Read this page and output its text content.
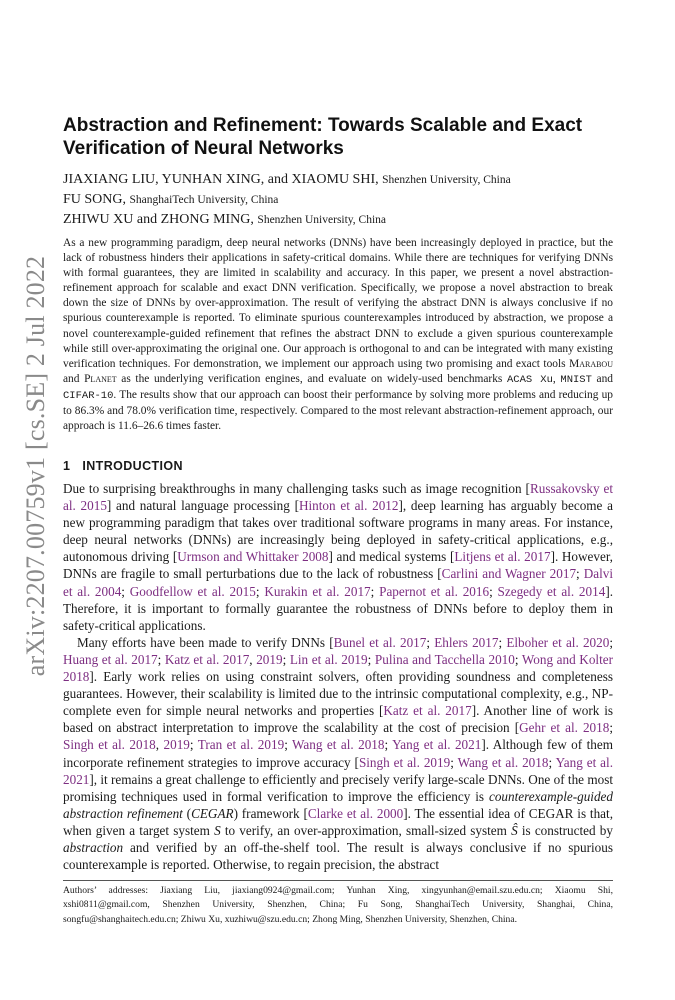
arXiv:2207.00759v1 [cs.SE] 2 Jul 2022
Abstraction and Refinement: Towards Scalable and Exact Verification of Neural Networks
JIAXIANG LIU, YUNHAN XING, and XIAOMU SHI, Shenzhen University, China
FU SONG, ShanghaiTech University, China
ZHIWU XU and ZHONG MING, Shenzhen University, China

As a new programming paradigm, deep neural networks (DNNs) have been increasingly deployed in practice, but the lack of robustness hinders their applications in safety-critical domains. While there are techniques for verifying DNNs with formal guarantees, they are limited in scalability and accuracy. In this paper, we present a novel abstraction-refinement approach for scalable and exact DNN verification. Specifically, we propose a novel abstraction to break down the size of DNNs by over-approximation. The result of verifying the abstract DNN is always conclusive if no spurious counterexample is reported. To eliminate spurious counterexamples introduced by abstraction, we propose a novel counterexample-guided refinement that refines the abstract DNN to exclude a given spurious counterexample while still over-approximating the original one. Our approach is orthogonal to and can be integrated with many existing verification techniques. For demonstration, we implement our approach using two promising and exact tools Marabou and Planet as the underlying verification engines, and evaluate on widely-used benchmarks ACAS Xu, MNIST and CIFAR-10. The results show that our approach can boost their performance by solving more problems and reducing up to 86.3% and 78.0% verification time, respectively. Compared to the most relevant abstraction-refinement approach, our approach is 11.6–26.6 times faster.

1 INTRODUCTION

Due to surprising breakthroughs in many challenging tasks such as image recognition [Russakovsky et al. 2015] and natural language processing [Hinton et al. 2012], deep learning has arguably become a new programming paradigm that takes over traditional software programs in many areas. For instance, deep neural networks (DNNs) are increasingly being deployed in safety-critical applications, e.g., autonomous driving [Urmson and Whittaker 2008] and medical systems [Litjens et al. 2017]. However, DNNs are fragile to small perturbations due to the lack of robustness [Carlini and Wagner 2017; Dalvi et al. 2004; Goodfellow et al. 2015; Kurakin et al. 2017; Papernot et al. 2016; Szegedy et al. 2014]. Therefore, it is important to formally guarantee the robustness of DNNs before to deploy them in safety-critical applications.

Many efforts have been made to verify DNNs [Bunel et al. 2017; Ehlers 2017; Elboher et al. 2020; Huang et al. 2017; Katz et al. 2017, 2019; Lin et al. 2019; Pulina and Tacchella 2010; Wong and Kolter 2018]. Early work relies on using constraint solvers, often providing soundness and completeness guarantees. However, their scalability is limited due to the intrinsic computational complexity, e.g., NP-complete even for simple neural networks and properties [Katz et al. 2017]. Another line of work is based on abstract interpretation to improve the scalability at the cost of precision [Gehr et al. 2018; Singh et al. 2018, 2019; Tran et al. 2019; Wang et al. 2018; Yang et al. 2021]. Although few of them incorporate refinement strategies to improve accuracy [Singh et al. 2019; Wang et al. 2018; Yang et al. 2021], it remains a great challenge to efficiently and precisely verify large-scale DNNs. One of the most promising techniques used in formal verification to improve the efficiency is counterexample-guided abstraction refinement (CEGAR) framework [Clarke et al. 2000]. The essential idea of CEGAR is that, when given a target system S to verify, an over-approximation, small-sized system Ŝ is constructed by abstraction and verified by an off-the-shelf tool. The result is always conclusive if no spurious counterexample is reported. Otherwise, to regain precision, the abstract

Authors’ addresses: Jiaxiang Liu, jiaxiang0924@gmail.com; Yunhan Xing, xingyunhan@email.szu.edu.cn; Xiaomu Shi, xshi0811@gmail.com, Shenzhen University, Shenzhen, China; Fu Song, ShanghaiTech University, Shanghai, China, songfu@shanghaitech.edu.cn; Zhiwu Xu, xuzhiwu@szu.edu.cn; Zhong Ming, Shenzhen University, Shenzhen, China.
